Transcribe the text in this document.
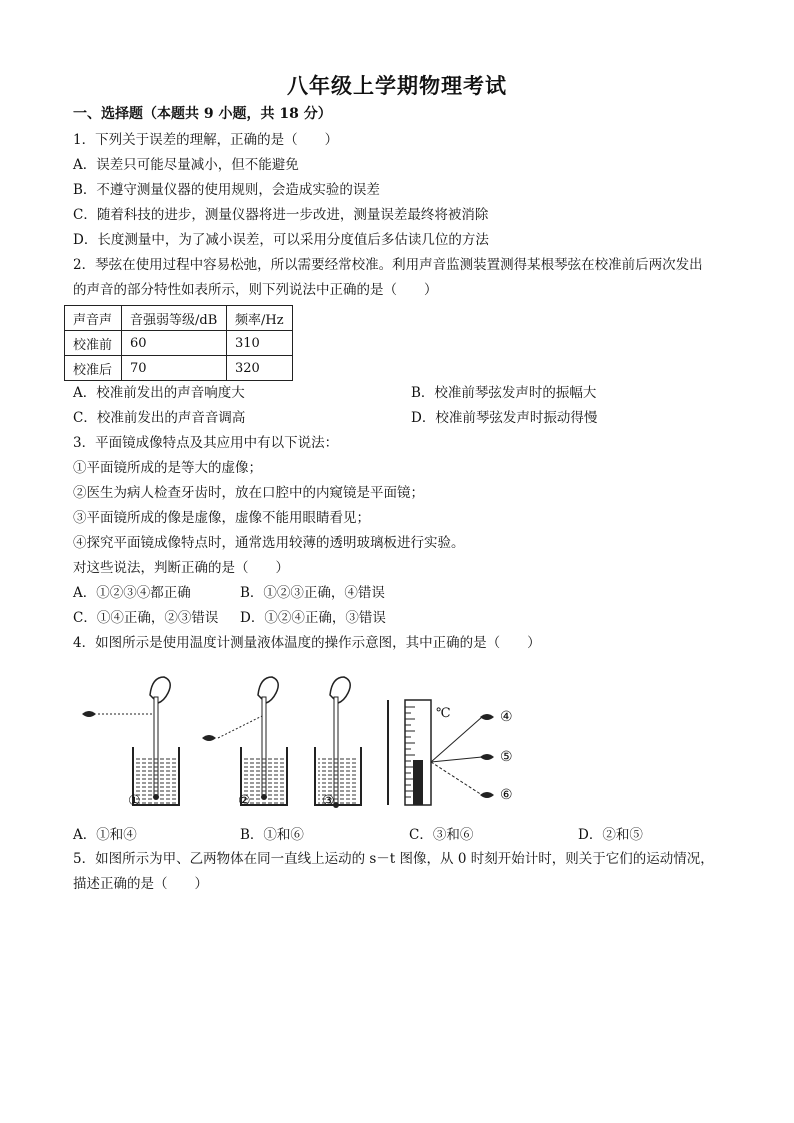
八年级上学期物理考试
一、选择题（本题共 9 小题，共 18 分）
1．下列关于误差的理解，正确的是（　　）
A．误差只可能尽量减小，但不能避免
B．不遵守测量仪器的使用规则，会造成实验的误差
C．随着科技的进步，测量仪器将进一步改进，测量误差最终将被消除
D．长度测量中，为了减小误差，可以采用分度值后多估读几位的方法
2．琴弦在使用过程中容易松弛，所以需要经常校准。利用声音监测装置测得某根琴弦在校准前后两次发出
的声音的部分特性如表所示，则下列说法中正确的是（　　）
声音声	音强弱等级/dB	频率/Hz
校准前	60	310
校准后	70	320
A．校准前发出的声音响度大	B．校准前琴弦发声时的振幅大
C．校准前发出的声音音调高	D．校准前琴弦发声时振动得慢
3．平面镜成像特点及其应用中有以下说法：
①平面镜所成的是等大的虚像；
②医生为病人检查牙齿时，放在口腔中的内窥镜是平面镜；
③平面镜所成的像是虚像，虚像不能用眼睛看见；
④探究平面镜成像特点时，通常选用较薄的透明玻璃板进行实验。
对这些说法，判断正确的是（　　）
A．①②③④都正确	B．①②③正确，④错误
C．①④正确，②③错误 D．①②④正确，③错误
4．如图所示是使用温度计测量液体温度的操作示意图，其中正确的是（　　）
①	②	③
℃	④
⑤
⑥
A．①和④	B．①和⑥	C．③和⑥	D．②和⑤
5．如图所示为甲、乙两物体在同一直线上运动的 s－t 图像，从 0 时刻开始计时，则关于它们的运动情况，
描述正确的是（　　）
